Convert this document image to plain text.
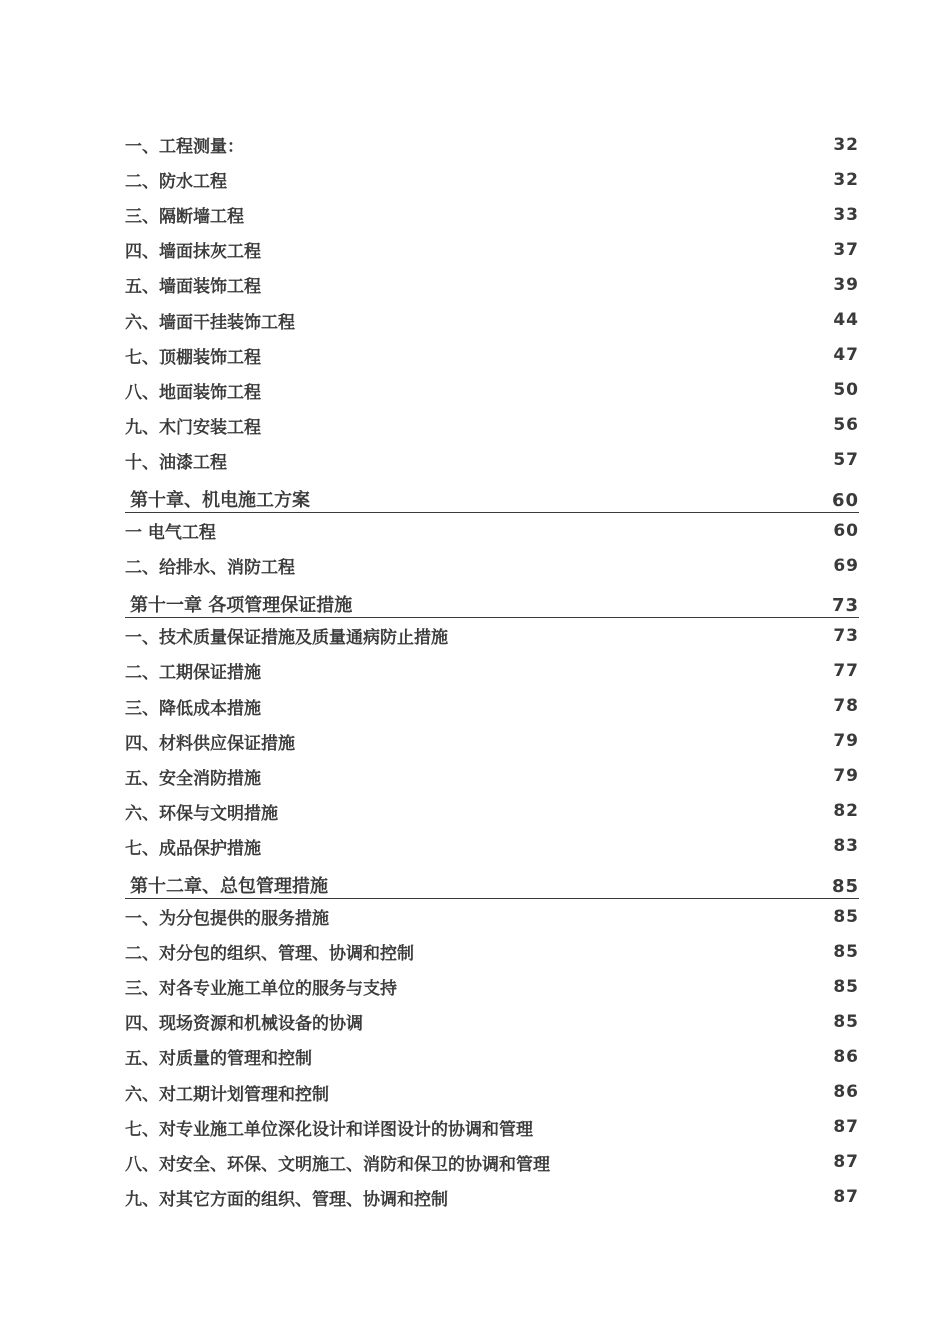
一、工程测量：	32
二、防水工程	32
三、隔断墙工程	33
四、墙面抹灰工程	37
五、墙面装饰工程	39
六、墙面干挂装饰工程	44
七、顶棚装饰工程	47
八、地面装饰工程	50
九、木门安装工程	56
十、油漆工程	57
第十章、机电施工方案	60
一 电气工程	60
二、给排水、消防工程	69
第十一章 各项管理保证措施	73
一、技术质量保证措施及质量通病防止措施	73
二、工期保证措施	77
三、降低成本措施	78
四、材料供应保证措施	79
五、安全消防措施	79
六、环保与文明措施	82
七、成品保护措施	83
第十二章、总包管理措施	85
一、为分包提供的服务措施	85
二、对分包的组织、管理、协调和控制	85
三、对各专业施工单位的服务与支持	85
四、现场资源和机械设备的协调	85
五、对质量的管理和控制	86
六、对工期计划管理和控制	86
七、对专业施工单位深化设计和详图设计的协调和管理	87
八、对安全、环保、文明施工、消防和保卫的协调和管理	87
九、对其它方面的组织、管理、协调和控制	87
